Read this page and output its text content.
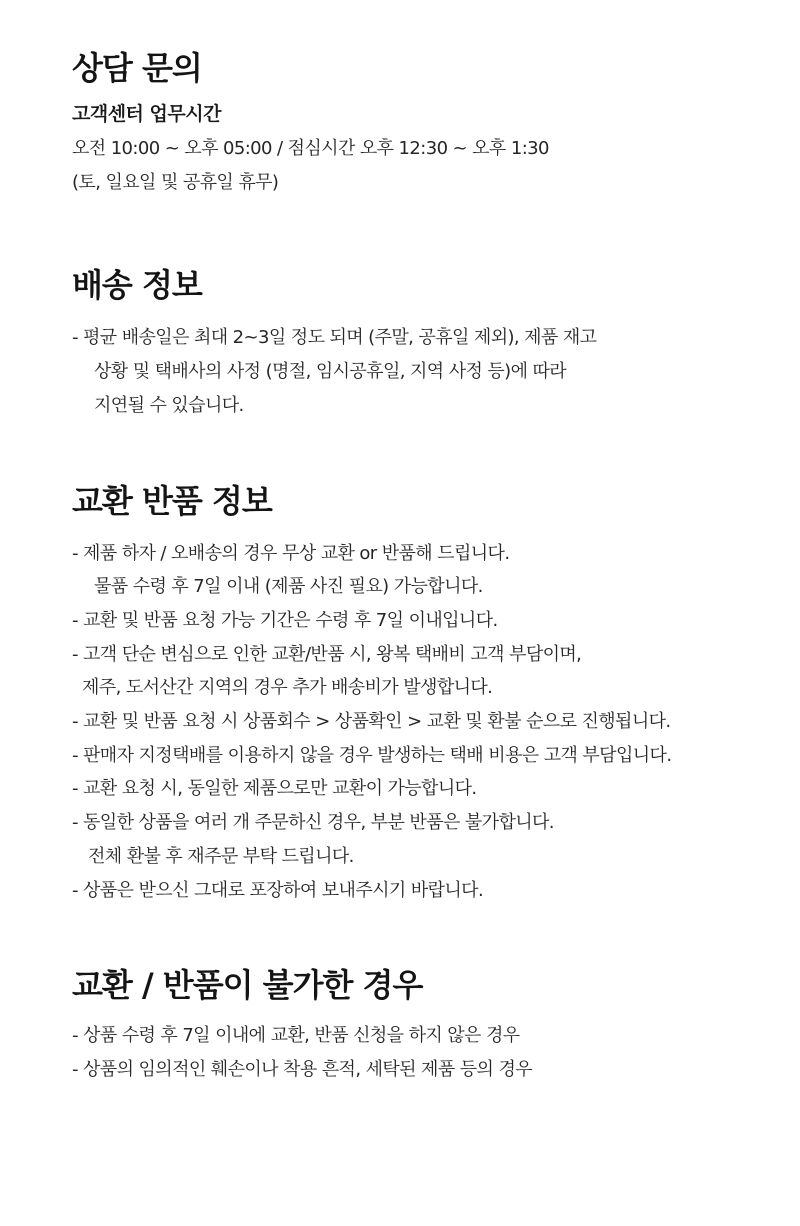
상담 문의
고객센터 업무시간
오전 10:00 ~ 오후 05:00 / 점심시간 오후 12:30 ~ 오후 1:30
(토, 일요일 및 공휴일 휴무)
배송 정보
- 평균 배송일은 최대 2~3일 정도 되며 (주말, 공휴일 제외), 제품 재고
상황 및 택배사의 사정 (명절, 임시공휴일, 지역 사정 등)에 따라
지연될 수 있습니다.
교환 반품 정보
- 제품 하자 / 오배송의 경우 무상 교환 or 반품해 드립니다.
물품 수령 후 7일 이내 (제품 사진 필요) 가능합니다.
- 교환 및 반품 요청 가능 기간은 수령 후 7일 이내입니다.
- 고객 단순 변심으로 인한 교환/반품 시, 왕복 택배비 고객 부담이며,
제주, 도서산간 지역의 경우 추가 배송비가 발생합니다.
- 교환 및 반품 요청 시 상품회수 > 상품확인 > 교환 및 환불 순으로 진행됩니다.
- 판매자 지정택배를 이용하지 않을 경우 발생하는 택배 비용은 고객 부담입니다.
- 교환 요청 시, 동일한 제품으로만 교환이 가능합니다.
- 동일한 상품을 여러 개 주문하신 경우, 부분 반품은 불가합니다.
전체 환불 후 재주문 부탁 드립니다.
- 상품은 받으신 그대로 포장하여 보내주시기 바랍니다.
교환 / 반품이 불가한 경우
- 상품 수령 후 7일 이내에 교환, 반품 신청을 하지 않은 경우
- 상품의 임의적인 훼손이나 착용 흔적, 세탁된 제품 등의 경우
